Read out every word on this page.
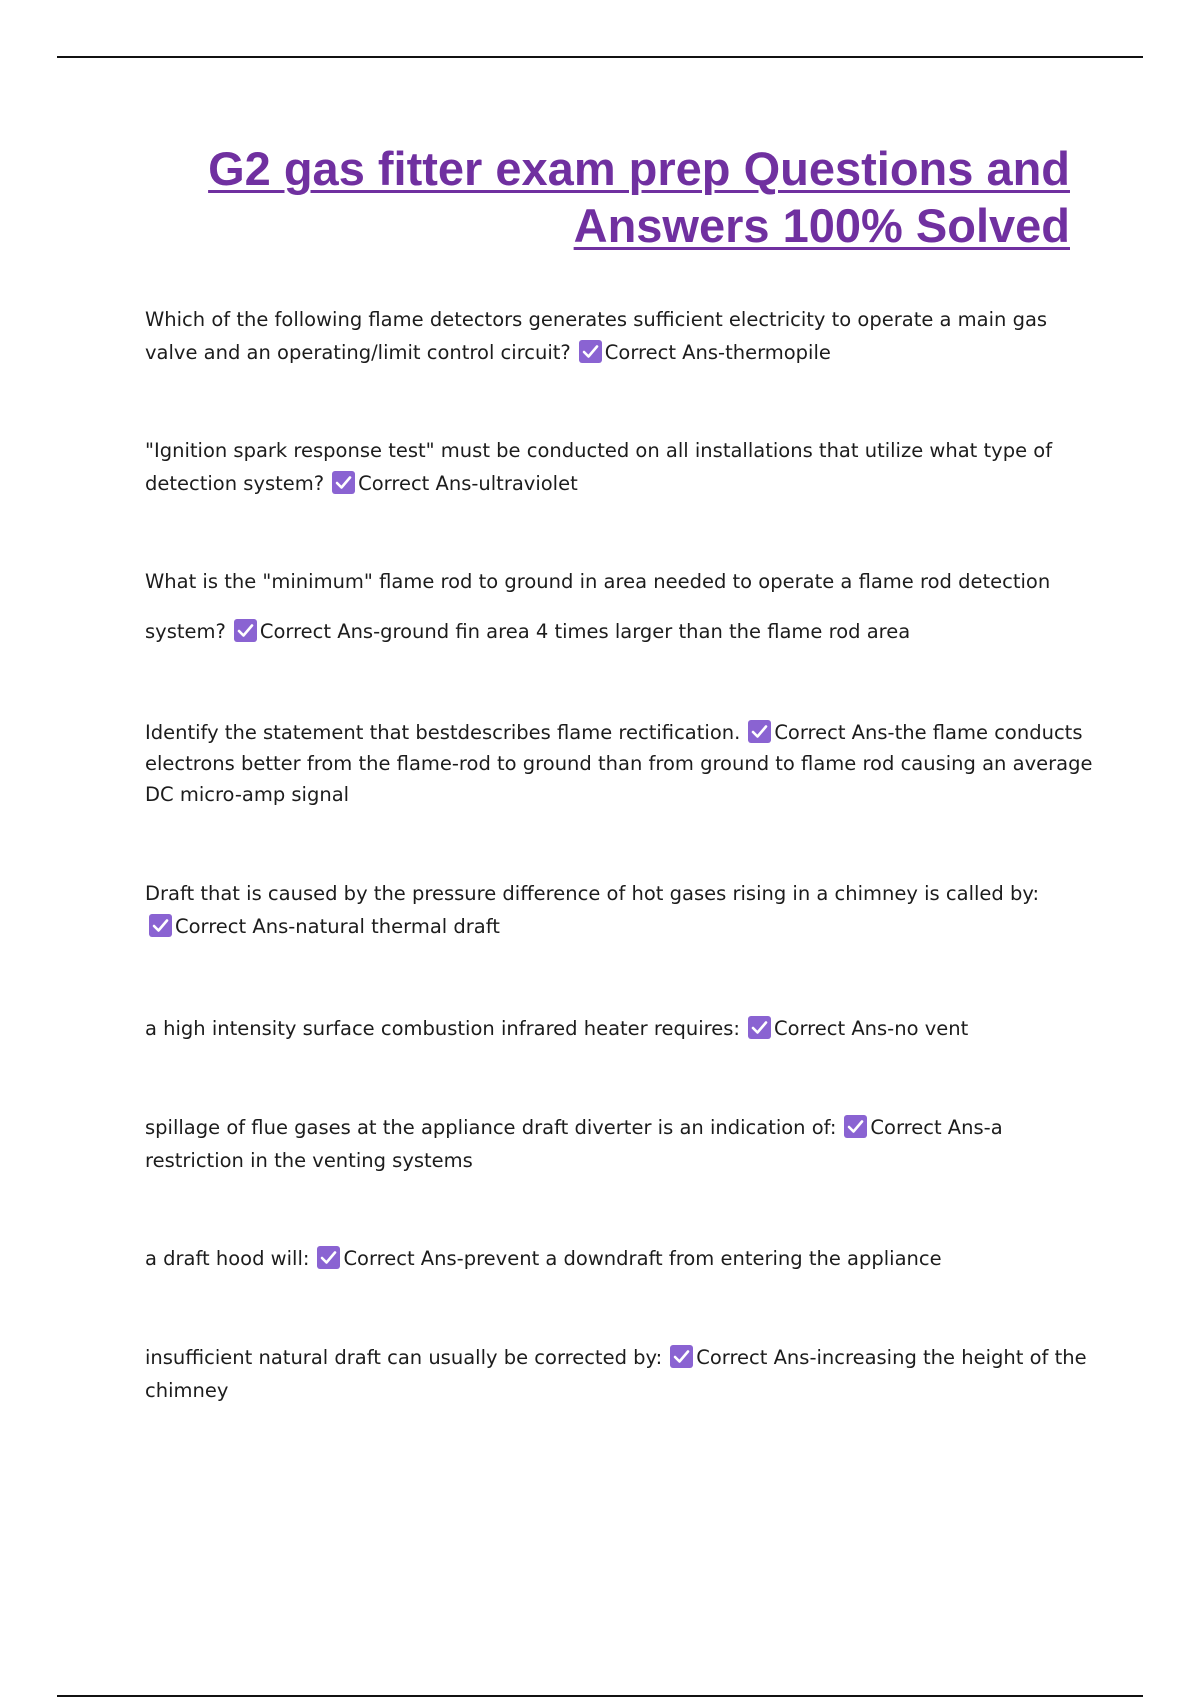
G2 gas fitter exam prep Questions and
Answers 100% Solved
Which of the following flame detectors generates sufficient electricity to operate a main gas valve and an operating/limit control circuit? Correct Ans-thermopile
"Ignition spark response test" must be conducted on all installations that utilize what type of detection system? Correct Ans-ultraviolet
What is the "minimum" flame rod to ground in area needed to operate a flame rod detection system? Correct Ans-ground fin area 4 times larger than the flame rod area
Identify the statement that bestdescribes flame rectification. Correct Ans-the flame conducts electrons better from the flame-rod to ground than from ground to flame rod causing an average DC micro-amp signal
Draft that is caused by the pressure difference of hot gases rising in a chimney is called by:

Correct Ans-natural thermal draft
a high intensity surface combustion infrared heater requires: Correct Ans-no vent
spillage of flue gases at the appliance draft diverter is an indication of: Correct Ans-a restriction in the venting systems
a draft hood will: Correct Ans-prevent a downdraft from entering the appliance
insufficient natural draft can usually be corrected by: Correct Ans-increasing the height of the chimney
